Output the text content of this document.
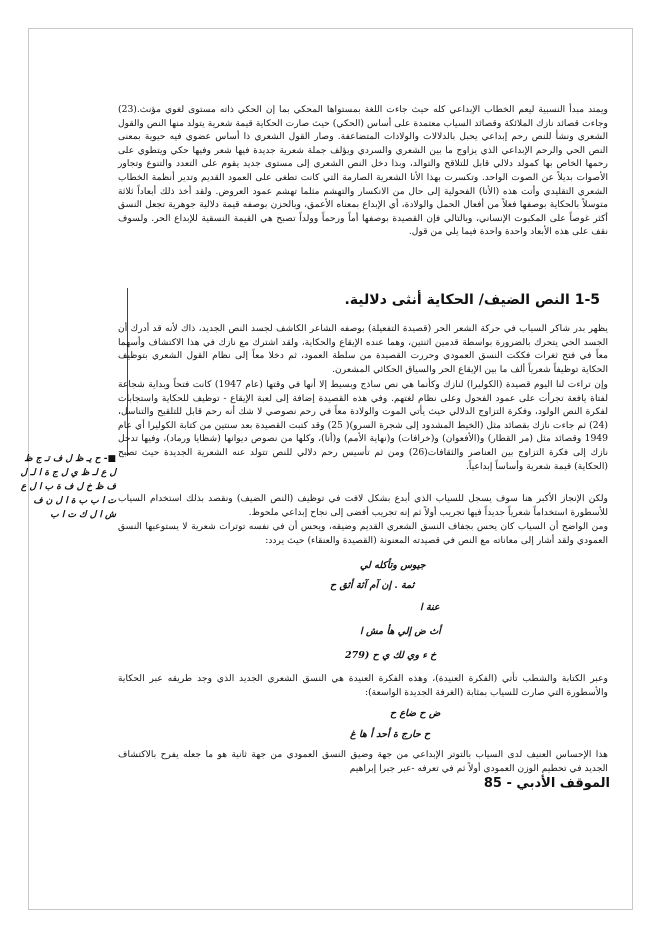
ويمتد مبدأ النسبية ليعم الخطاب الإبداعي كله حيث جاءت اللغة بمستواها المحكي بما إن الحكي ذاته مستوى لغوي مؤنث.(23) وجاءت قصائد نازك الملائكة وقصائد السياب معتمدة على أساس (الحكي) حيث صارت الحكاية قيمة شعرية يتولد منها النص والقول الشعري ونشأ للنص رحم إبداعي يحبل بالدلالات والولادات المتضاعفة. وصار القول الشعري ذا أساس عضوي فيه حيوية بمعنى النص الحي والرحم الإبداعي الذي يزاوج ما بين الشعري والسردي ويؤلف جملة شعرية جديدة فيها شعر وفيها حكي ويتطوي على رحمها الخاص بها كمولد دلالي قابل للتلاقح والتوالد، وبذا دخل النص الشعري إلى مستوى جديد يقوم على التعدد والتنوع وتجاور الأصوات بديلاً عن الصوت الواحد. وتكسرت بهذا الأنا الشعرية الصارمة التي كانت تطغى على العمود القديم وتدير أنظمة الخطاب الشعري التقليدي وأتت هذه (الأنا) الفحولية إلى حال من الانكسار والتهشم مثلما تهشم عمود العروض. ولقد أخذ ذلك أبعاداً ثلاثة متوسلاً بالحكاية بوصفها فعلاً من أفعال الحمل والولادة، أي الإبداع بمعناه الأعمق، وبالحزن بوصفه قيمة دلالية جوهرية تجعل النسق أكثر غوصاً على المكبوت الإنساني، وبالتالي فإن القصيدة بوصفها أماً ورحماً وولداً تصبح هي القيمة النسقية للإبداع الحر. ولسوف نقف على هذه الأبعاد واحدة واحدة فيما يلي من قول.

1-5 النص الضيف/ الحكاية أنثى دلالية.

يظهر بدر شاكر السياب في حركة الشعر الحر (قصيدة التفعيلة) بوصفه الشاعر الكاشف لجسد النص الجديد، ذاك لأنه قد أدرك أن الجسد الحي يتحرك بالضرورة بواسطة قدمين اثنتين، وهما عنده الإيقاع والحكاية، ولقد اشترك مع نازك في هذا الاكتشاف وأسهما معاً في فتح ثغرات فككت النسق العمودي وحررت القصيدة من سلطة العمود، ثم دخلا معاً إلى نظام القول الشعري بتوظيف الحكاية توظيفاً شعرياً ألف ما بين الإيقاع الحر والسياق الحكائي المشعرن.

وإن تراءت لنا اليوم قصيدة (الكوليرا) لنازك وكأنما هي نص ساذج وبسيط إلا أنها في وقتها (عام 1947) كانت فتحاً وبداية شجاعة لفتاة يافعة تجرأت على عمود الفحول وعلى نظام لغتهم. وفي هذه القصيدة إضافة إلى لعبة الإيقاع - توظيف للحكاية واستجابات لفكرة النص الولود، وفكرة التزاوج الدلالي حيث يأتي الموت والولادة معاً في رحم نصوصي لا شك أنه رحم قابل للتلقيح والتناسل،(24) ثم جاءت نازك بقصائد مثل (الخيط المشدود إلى شجرة السرو)( 25) وقد كتبت القصيدة بعد سنتين من كتابة الكوليرا أي عام 1949 وقصائد مثل (مر القطار) و(الأفعوان) و(خرافات) و(نهاية الأمم) و(أنا)، وكلها من نصوص ديوانها (شظايا ورماد)، وفيها تدخل نازك إلى فكرة التزاوج بين العناصر والثقافات(26) ومن ثم تأسيس رحم دلالي للنص تتولد عنه الشعرية الجديدة حيث تصبح (الحكاية) قيمة شعرية وأساساً إبداعياً.

ولكن الإنجاز الأكبر هنا سوف يسجل للسياب الذي أبدع بشكل لافت في توظيف (النص الضيف) ونقصد بذلك استخدام السياب للأسطورة استخداماً شعرياً جديداً فيها تجريب أولاً ثم إنه تجريب أفضى إلى نجاح إبداعي ملحوظ.

ومن الواضح أن السياب كان يحس بجفاف النسق الشعري القديم وضيقه، ويحس أن في نفسه توترات شعرية لا يستوعبها النسق العمودي ولقد أشار إلى معاناته مع النص في قصيدته المعنونة (القصيدة والعنقاء) حيث يردد:

■- ح يـ ظ ل ف تـ ج ظ ل ع لـ ظ ي ل ج ة ا لـ ل ف ظ خ ل ف ة ب ا ل ع ت ا ب ب ة ا ل ن ف ش ا ل ك ت ا ب
جيوس وتأكله لي
ثمة . إن آم آثة أثق ح
عنة ا
أث ض إلي هأ مش ا
خ ء وي لك ي ح (279

وعبر الكتابة والشطب تأتي (الفكرة العنيدة)، وهذه الفكرة العنيدة هي النسق الشعري الجديد الذي وجد طريقه عبر الحكاية والأسطورة التي صارت للسياب بمثابة (الغرفة الجديدة الواسعة):

ض ح ضاع ح
ح حارج ة أحد أ ها غ

هذا الإحساس العنيف لدى السياب بالتوتر الإبداعي من جهة وضيق النسق العمودي من جهة ثانية هو ما جعله يفرح بالاكتشاف الجديد في تحطيم الوزن العمودي أولاً ثم في تعرفه -عبر جبرا إبراهيم

الموقف الأدبي - 85
